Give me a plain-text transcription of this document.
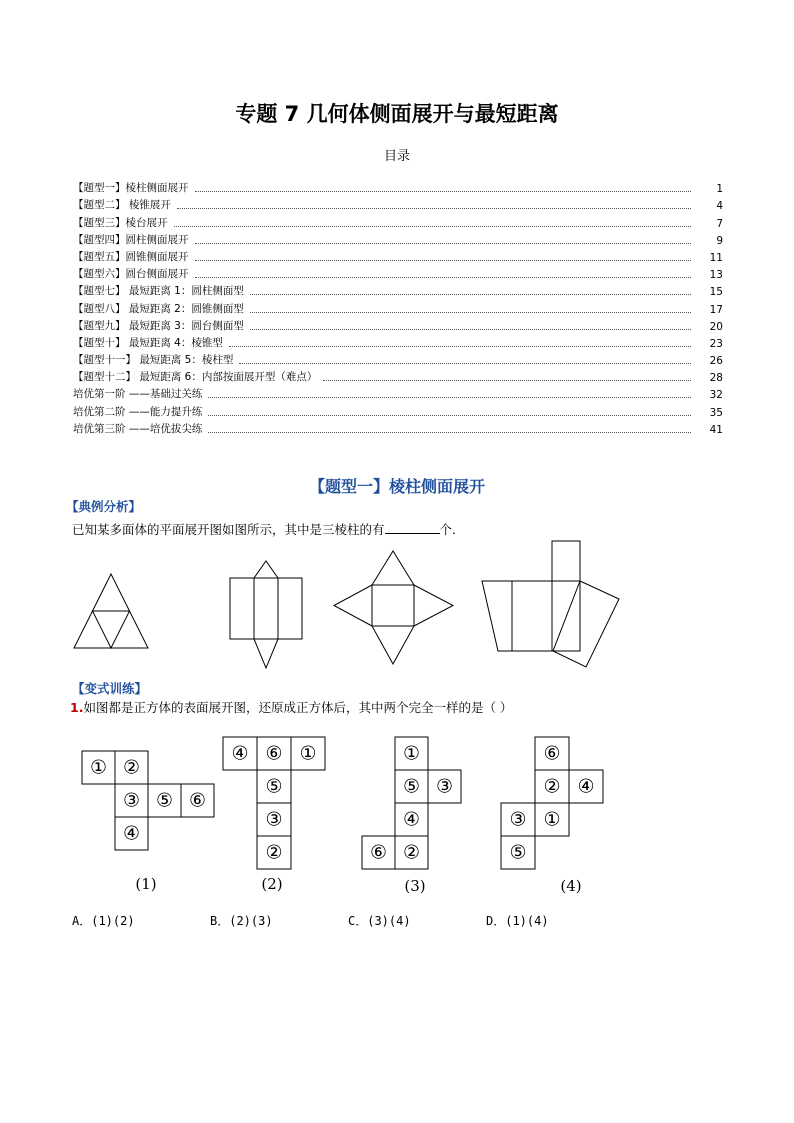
专题 7 几何体侧面展开与最短距离
目录
【题型一】棱柱侧面展开	1
【题型二】 棱锥展开	4
【题型三】棱台展开	7
【题型四】圆柱侧面展开	9
【题型五】圆锥侧面展开	11
【题型六】圆台侧面展开	13
【题型七】 最短距离 1：圆柱侧面型	15
【题型八】 最短距离 2：圆锥侧面型	17
【题型九】 最短距离 3：圆台侧面型	20
【题型十】 最短距离 4：棱锥型	23
【题型十一】 最短距离 5：棱柱型	26
【题型十二】 最短距离 6：内部按面展开型（难点）	28
培优第一阶 ——基础过关练	32
培优第二阶 ——能力提升练	35
培优第三阶 ——培优拔尖练	41
【题型一】棱柱侧面展开
【典例分析】
已知某多面体的平面展开图如图所示，其中是三棱柱的有	个．
【变式训练】
1.如图都是正方体的表面展开图，还原成正方体后，其中两个完全一样的是（ ）
① ②
③ ⑤ ⑥
④
④ ⑥ ①
⑤
③
②
①
⑤ ③
④
⑥ ②
⑥
② ④
③ ①
⑤
(1)	(2)	(3)	(4)
A．(1)(2)	B．(2)(3)	C．(3)(4)	D．(1)(4)
